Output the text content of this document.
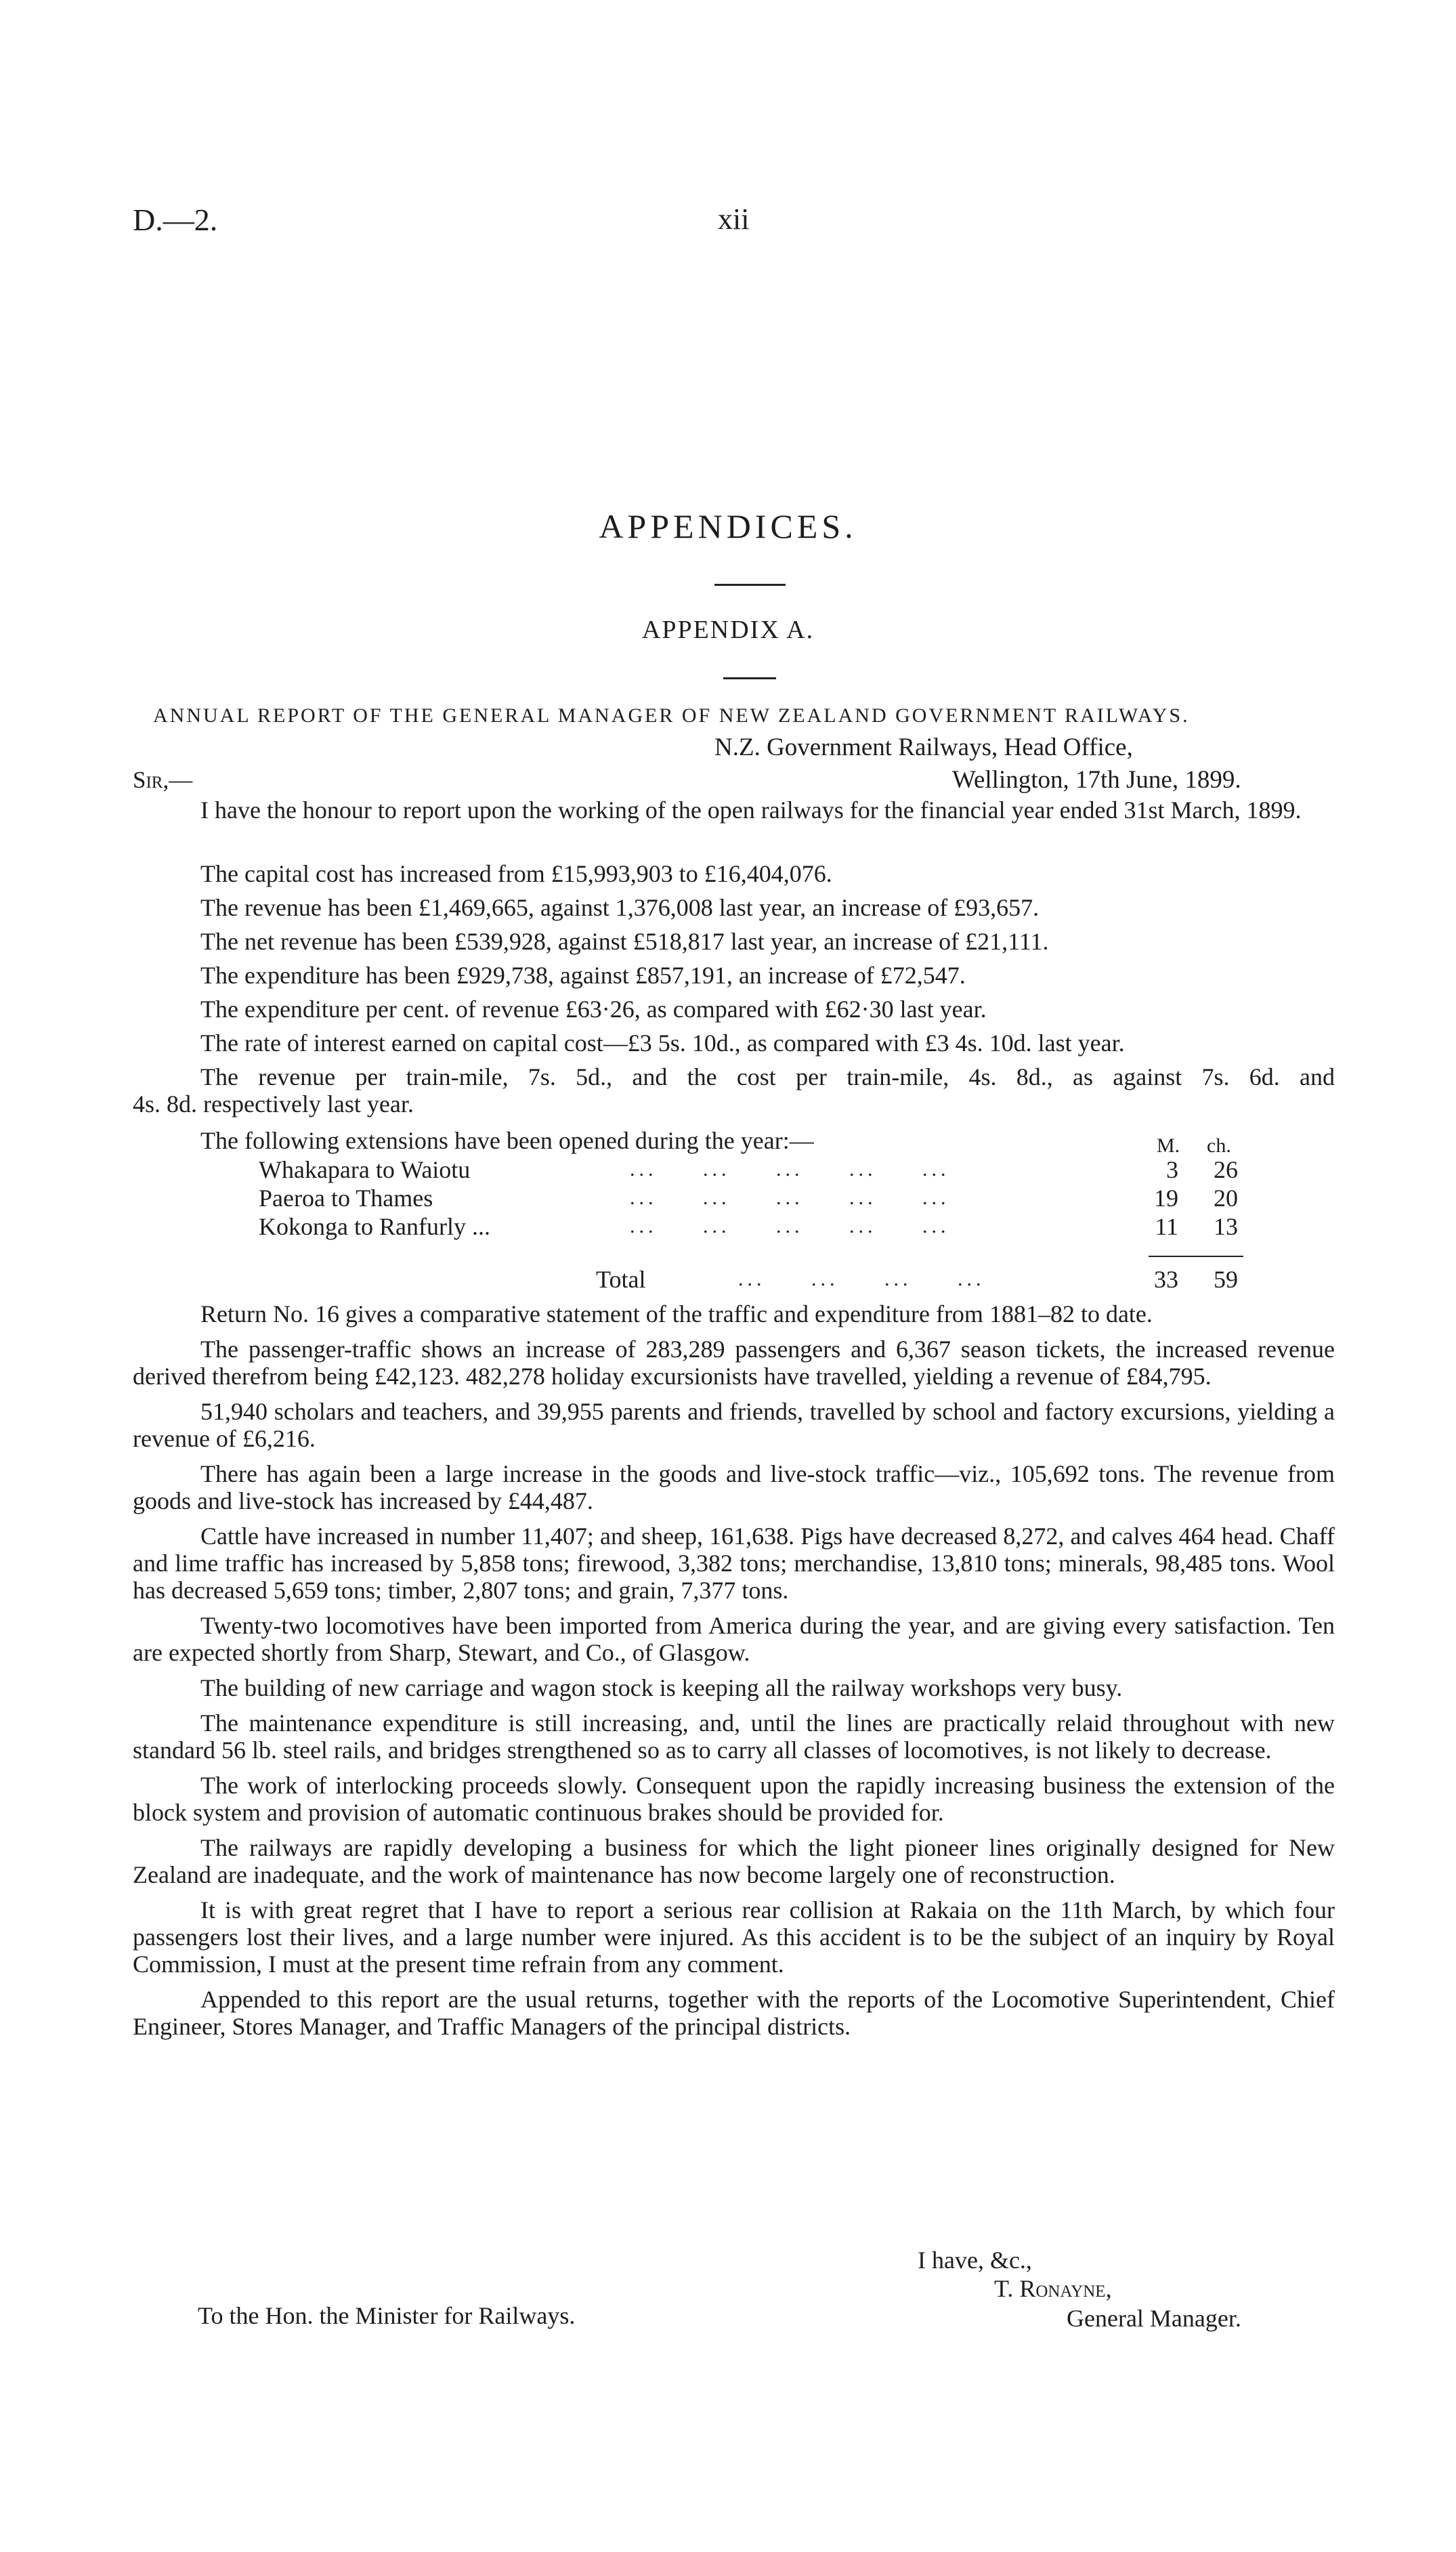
D.—2.	xii
APPENDICES.
APPENDIX A.
ANNUAL REPORT OF THE GENERAL MANAGER OF NEW ZEALAND GOVERNMENT RAILWAYS.
N.Z. Government Railways, Head Office,
Sir,—	Wellington, 17th June, 1899.

I have the honour to report upon the working of the open railways for the financial year ended 31st March, 1899.

The capital cost has increased from £15,993,903 to £16,404,076.
The revenue has been £1,469,665, against 1,376,008 last year, an increase of £93,657.
The net revenue has been £539,928, against £518,817 last year, an increase of £21,111.
The expenditure has been £929,738, against £857,191, an increase of £72,547.
The expenditure per cent. of revenue £63·26, as compared with £62·30 last year.
The rate of interest earned on capital cost—£3 5s. 10d., as compared with £3 4s. 10d. last year.
The revenue per train-mile, 7s. 5d., and the cost per train-mile, 4s. 8d., as against 7s. 6d. and
4s. 8d. respectively last year.
The following extensions have been opened during the year:—	M. ch.
Whakapara to Waiotu	...     ...     ...     ...     ...	3	26
Paeroa to Thames	...     ...     ...     ...     ...	19	20
Kokonga to Ranfurly ...	...     ...     ...     ...     ...	11	13
Total	...     ...     ...     ...	33	59

Return No. 16 gives a comparative statement of the traffic and expenditure from 1881–82 to date.

The passenger-traffic shows an increase of 283,289 passengers and 6,367 season tickets, the increased revenue derived therefrom being £42,123. 482,278 holiday excursionists have travelled, yielding a revenue of £84,795.

51,940 scholars and teachers, and 39,955 parents and friends, travelled by school and factory excursions, yielding a revenue of £6,216.

There has again been a large increase in the goods and live-stock traffic—viz., 105,692 tons. The revenue from goods and live-stock has increased by £44,487.

Cattle have increased in number 11,407; and sheep, 161,638. Pigs have decreased 8,272, and calves 464 head. Chaff and lime traffic has increased by 5,858 tons; firewood, 3,382 tons; merchandise, 13,810 tons; minerals, 98,485 tons. Wool has decreased 5,659 tons; timber, 2,807 tons; and grain, 7,377 tons.

Twenty-two locomotives have been imported from America during the year, and are giving every satisfaction. Ten are expected shortly from Sharp, Stewart, and Co., of Glasgow.

The building of new carriage and wagon stock is keeping all the railway workshops very busy.

The maintenance expenditure is still increasing, and, until the lines are practically relaid throughout with new standard 56 lb. steel rails, and bridges strengthened so as to carry all classes of locomotives, is not likely to decrease.

The work of interlocking proceeds slowly. Consequent upon the rapidly increasing business the extension of the block system and provision of automatic continuous brakes should be provided for.

The railways are rapidly developing a business for which the light pioneer lines originally designed for New Zealand are inadequate, and the work of maintenance has now become largely one of reconstruction.

It is with great regret that I have to report a serious rear collision at Rakaia on the 11th March, by which four passengers lost their lives, and a large number were injured. As this accident is to be the subject of an inquiry by Royal Commission, I must at the present time refrain from any comment.

Appended to this report are the usual returns, together with the reports of the Locomotive Superintendent, Chief Engineer, Stores Manager, and Traffic Managers of the principal districts.

I have, &c.,
T. Ronayne,
General Manager.
To the Hon. the Minister for Railways.
